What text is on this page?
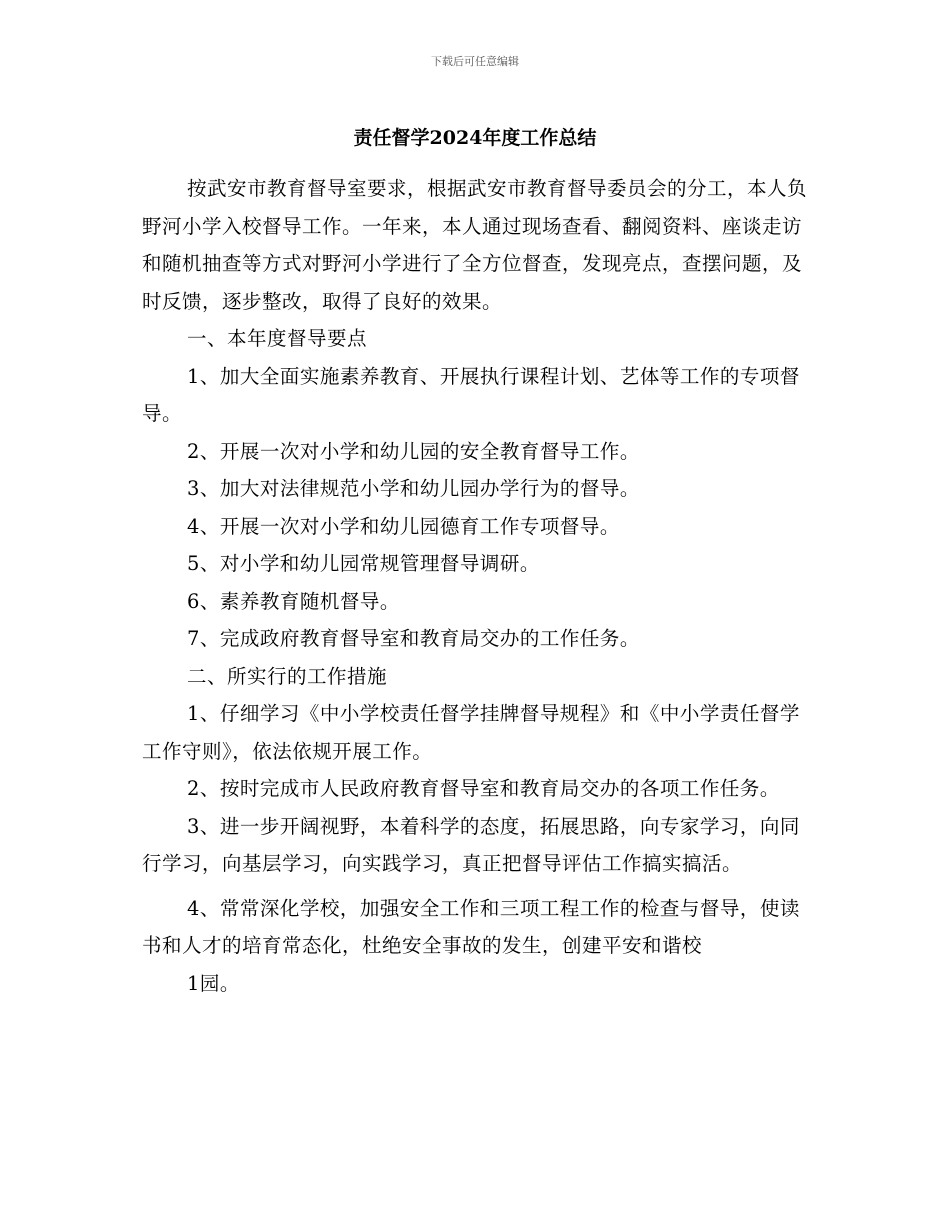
下载后可任意编辑
责任督学2024年度工作总结

按武安市教育督导室要求，根据武安市教育督导委员会的分工，本人负野河小学入校督导工作。一年来，本人通过现场查看、翻阅资料、座谈走访和随机抽查等方式对野河小学进行了全方位督查，发现亮点，查摆问题，及时反馈，逐步整改，取得了良好的效果。

一、本年度督导要点

1、加大全面实施素养教育、开展执行课程计划、艺体等工作的专项督导。

2、开展一次对小学和幼儿园的安全教育督导工作。

3、加大对法律规范小学和幼儿园办学行为的督导。

4、开展一次对小学和幼儿园德育工作专项督导。

5、对小学和幼儿园常规管理督导调研。

6、素养教育随机督导。

7、完成政府教育督导室和教育局交办的工作任务。

二、所实行的工作措施

1、仔细学习《中小学校责任督学挂牌督导规程》和《中小学责任督学工作守则》，依法依规开展工作。

2、按时完成市人民政府教育督导室和教育局交办的各项工作任务。

3、进一步开阔视野，本着科学的态度，拓展思路，向专家学习，向同行学习，向基层学习，向实践学习，真正把督导评估工作搞实搞活。

4、常常深化学校，加强安全工作和三项工程工作的检查与督导，使读书和人才的培育常态化，杜绝安全事故的发生，创建平安和谐校

1园。
